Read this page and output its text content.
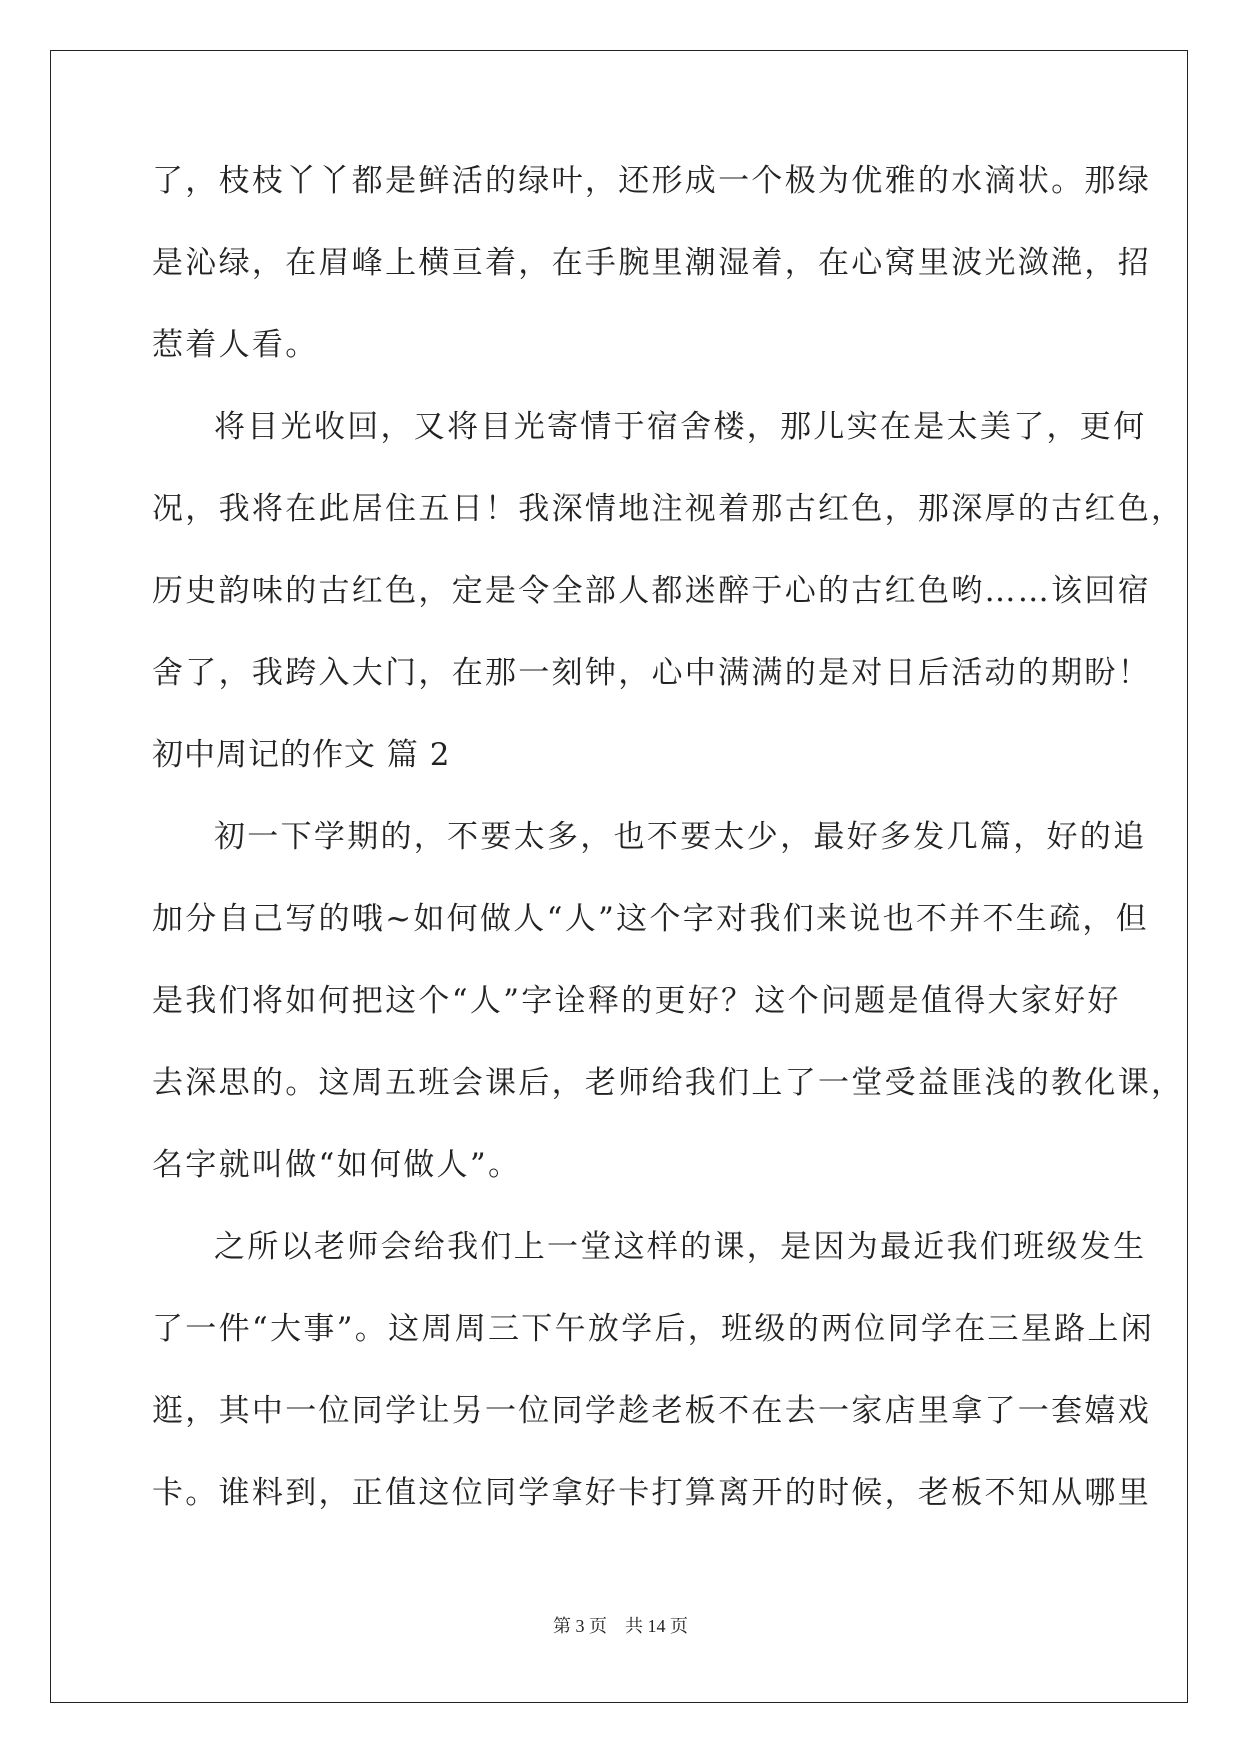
了，枝枝丫丫都是鲜活的绿叶，还形成一个极为优雅的水滴状。那绿
是沁绿，在眉峰上横亘着，在手腕里潮湿着，在心窝里波光潋滟，招
惹着人看。
将目光收回，又将目光寄情于宿舍楼，那儿实在是太美了，更何
况，我将在此居住五日！我深情地注视着那古红色，那深厚的古红色，
历史韵味的古红色，定是令全部人都迷醉于心的古红色哟……该回宿
舍了，我跨入大门，在那一刻钟，心中满满的是对日后活动的期盼！
初中周记的作文 篇 2
初一下学期的，不要太多，也不要太少，最好多发几篇，好的追
加分自己写的哦~如何做人“人”这个字对我们来说也不并不生疏，但
是我们将如何把这个“人”字诠释的更好？这个问题是值得大家好好
去深思的。这周五班会课后，老师给我们上了一堂受益匪浅的教化课，
名字就叫做“如何做人”。
之所以老师会给我们上一堂这样的课，是因为最近我们班级发生
了一件“大事”。这周周三下午放学后，班级的两位同学在三星路上闲
逛，其中一位同学让另一位同学趁老板不在去一家店里拿了一套嬉戏
卡。谁料到，正值这位同学拿好卡打算离开的时候，老板不知从哪里
第 3 页    共 14 页
